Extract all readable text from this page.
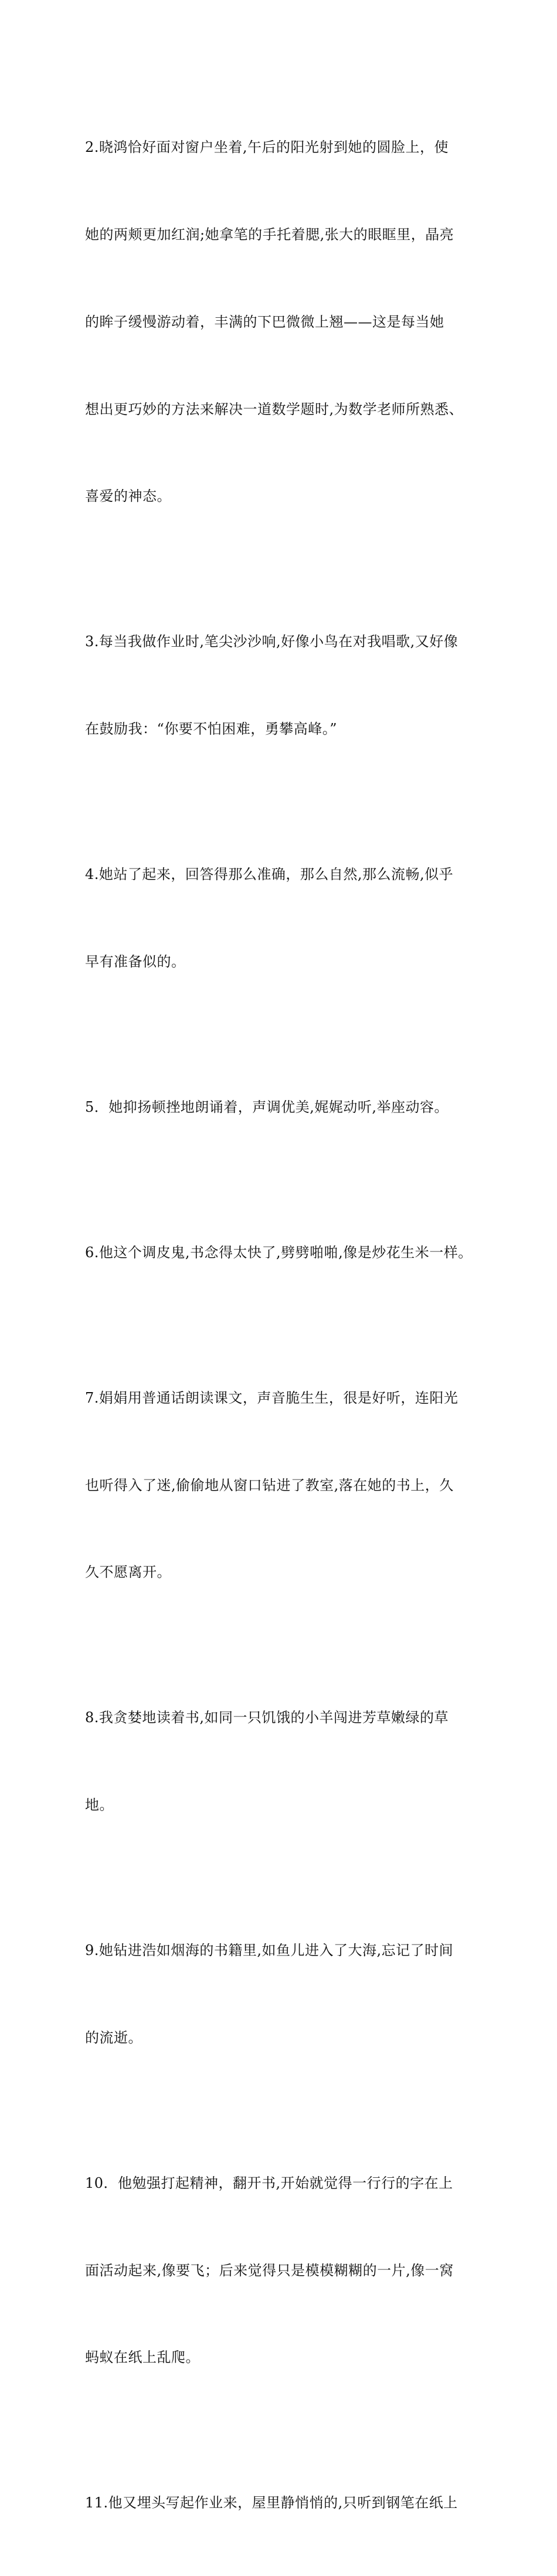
2.晓鸿恰好面对窗户坐着,午后的阳光射到她的圆脸上，使

她的两颊更加红润;她拿笔的手托着腮,张大的眼眶里，晶亮

的眸子缓慢游动着，丰满的下巴微微上翘——这是每当她

想出更巧妙的方法来解决一道数学题时,为数学老师所熟悉、

喜爱的神态。

3.每当我做作业时,笔尖沙沙响,好像小鸟在对我唱歌,又好像

在鼓励我：“你要不怕困难，勇攀高峰。”

4.她站了起来，回答得那么准确，那么自然,那么流畅,似乎

早有准备似的。

5．她抑扬顿挫地朗诵着，声调优美,娓娓动听,举座动容。

6.他这个调皮鬼,书念得太快了,劈劈啪啪,像是炒花生米一样。

7.娟娟用普通话朗读课文，声音脆生生，很是好听，连阳光

也听得入了迷,偷偷地从窗口钻进了教室,落在她的书上，久

久不愿离开。

8.我贪婪地读着书,如同一只饥饿的小羊闯进芳草嫩绿的草

地。

9.她钻进浩如烟海的书籍里,如鱼儿进入了大海,忘记了时间

的流逝。

10．他勉强打起精神，翻开书,开始就觉得一行行的字在上

面活动起来,像要飞；后来觉得只是模模糊糊的一片,像一窝

蚂蚁在纸上乱爬。

11.他又埋头写起作业来，屋里静悄悄的,只听到钢笔在纸上
